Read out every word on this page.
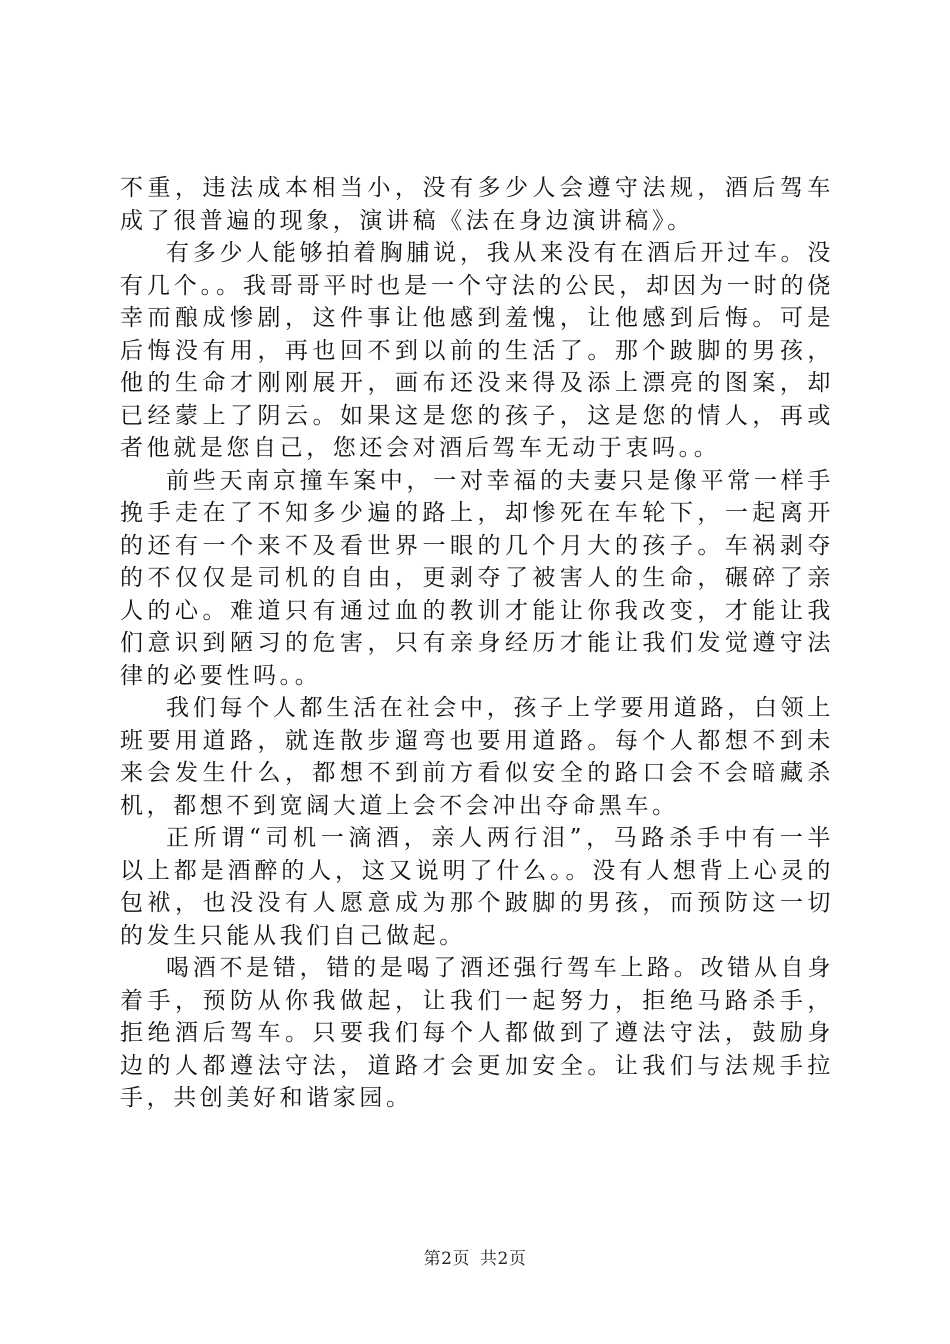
不重，违法成本相当小，没有多少人会遵守法规，酒后驾车成了很普遍的现象，演讲稿《法在身边演讲稿》。

有多少人能够拍着胸脯说，我从来没有在酒后开过车。没有几个。。我哥哥平时也是一个守法的公民，却因为一时的侥幸而酿成惨剧，这件事让他感到羞愧，让他感到后悔。可是后悔没有用，再也回不到以前的生活了。那个跛脚的男孩，他的生命才刚刚展开，画布还没来得及添上漂亮的图案，却已经蒙上了阴云。如果这是您的孩子，这是您的情人，再或者他就是您自己，您还会对酒后驾车无动于衷吗。。

前些天南京撞车案中，一对幸福的夫妻只是像平常一样手挽手走在了不知多少遍的路上，却惨死在车轮下，一起离开的还有一个来不及看世界一眼的几个月大的孩子。车祸剥夺的不仅仅是司机的自由，更剥夺了被害人的生命，碾碎了亲人的心。难道只有通过血的教训才能让你我改变，才能让我们意识到陋习的危害，只有亲身经历才能让我们发觉遵守法律的必要性吗。。

我们每个人都生活在社会中，孩子上学要用道路，白领上班要用道路，就连散步遛弯也要用道路。每个人都想不到未来会发生什么，都想不到前方看似安全的路口会不会暗藏杀机，都想不到宽阔大道上会不会冲出夺命黑车。

正所谓“司机一滴酒，亲人两行泪”，马路杀手中有一半以上都是酒醉的人，这又说明了什么。。没有人想背上心灵的包袱，也没没有人愿意成为那个跛脚的男孩，而预防这一切的发生只能从我们自己做起。

喝酒不是错，错的是喝了酒还强行驾车上路。改错从自身着手，预防从你我做起，让我们一起努力，拒绝马路杀手，拒绝酒后驾车。只要我们每个人都做到了遵法守法，鼓励身边的人都遵法守法，道路才会更加安全。让我们与法规手拉手，共创美好和谐家园。

第2页 共2页
